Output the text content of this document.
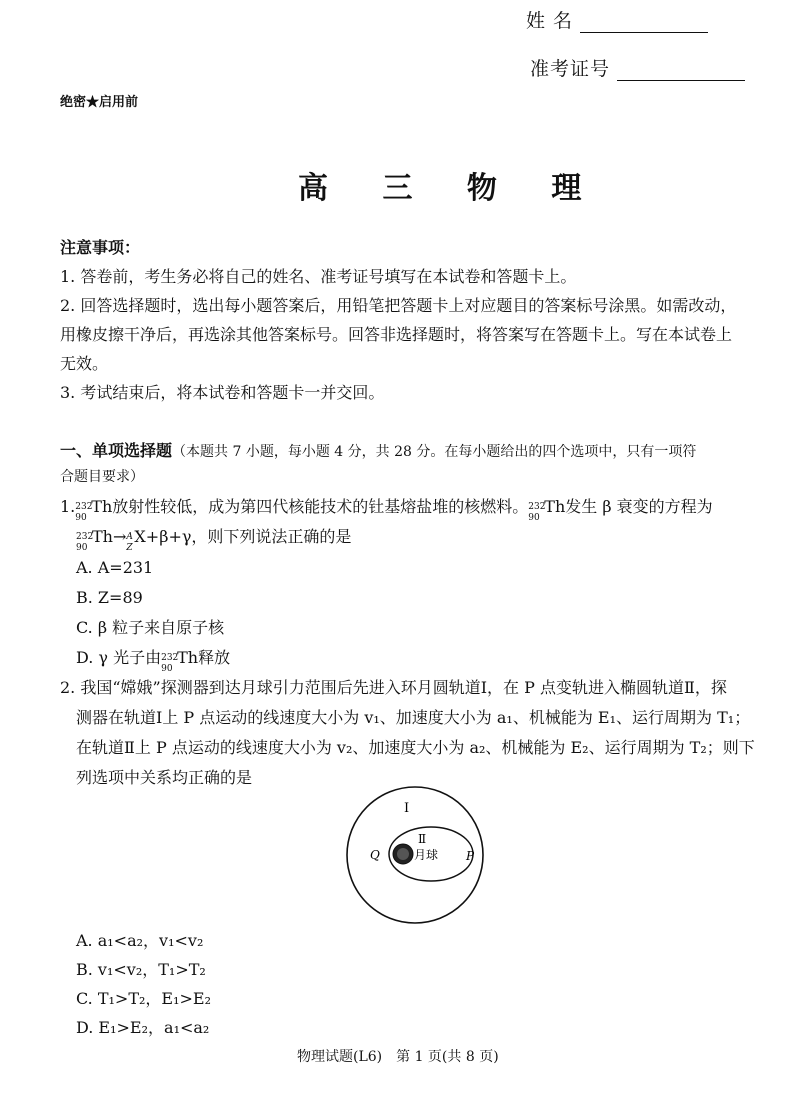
姓 名
准考证号
绝密★启用前
高 三 物 理
注意事项：
1. 答卷前，考生务必将自己的姓名、准考证号填写在本试卷和答题卡上。
2. 回答选择题时，选出每小题答案后，用铅笔把答题卡上对应题目的答案标号涂黑。如需改动，
用橡皮擦干净后，再选涂其他答案标号。回答非选择题时，将答案写在答题卡上。写在本试卷上
无效。
3. 考试结束后，将本试卷和答题卡一并交回。
一、单项选择题（本题共 7 小题，每小题 4 分，共 28 分。在每小题给出的四个选项中，只有一项符
合题目要求）
1. 232
90
Th放射性较低，成为第四代核能技术的钍基熔盐堆的核燃料。 232
90
Th发生 β 衰变的方程为
232
90
Th→ A
Z
X+β+γ，则下列说法正确的是
A. A=231
B. Z=89
C. β 粒子来自原子核
D. γ 光子由 232
90
Th释放
2. 我国“嫦娥”探测器到达月球引力范围后先进入环月圆轨道Ⅰ，在 P 点变轨进入椭圆轨道Ⅱ，探
测器在轨道Ⅰ上 P 点运动的线速度大小为 v₁、加速度大小为 a₁、机械能为 E₁、运行周期为 T₁；
在轨道Ⅱ上 P 点运动的线速度大小为 v₂、加速度大小为 a₂、机械能为 E₂、运行周期为 T₂；则下
列选项中关系均正确的是
Ⅰ
Ⅱ
Q	P
月球
A. a₁<a₂，v₁<v₂
B. v₁<v₂，T₁>T₂
C. T₁>T₂，E₁>E₂
D. E₁>E₂，a₁<a₂
物理试题(L6)　第 1 页(共 8 页)
